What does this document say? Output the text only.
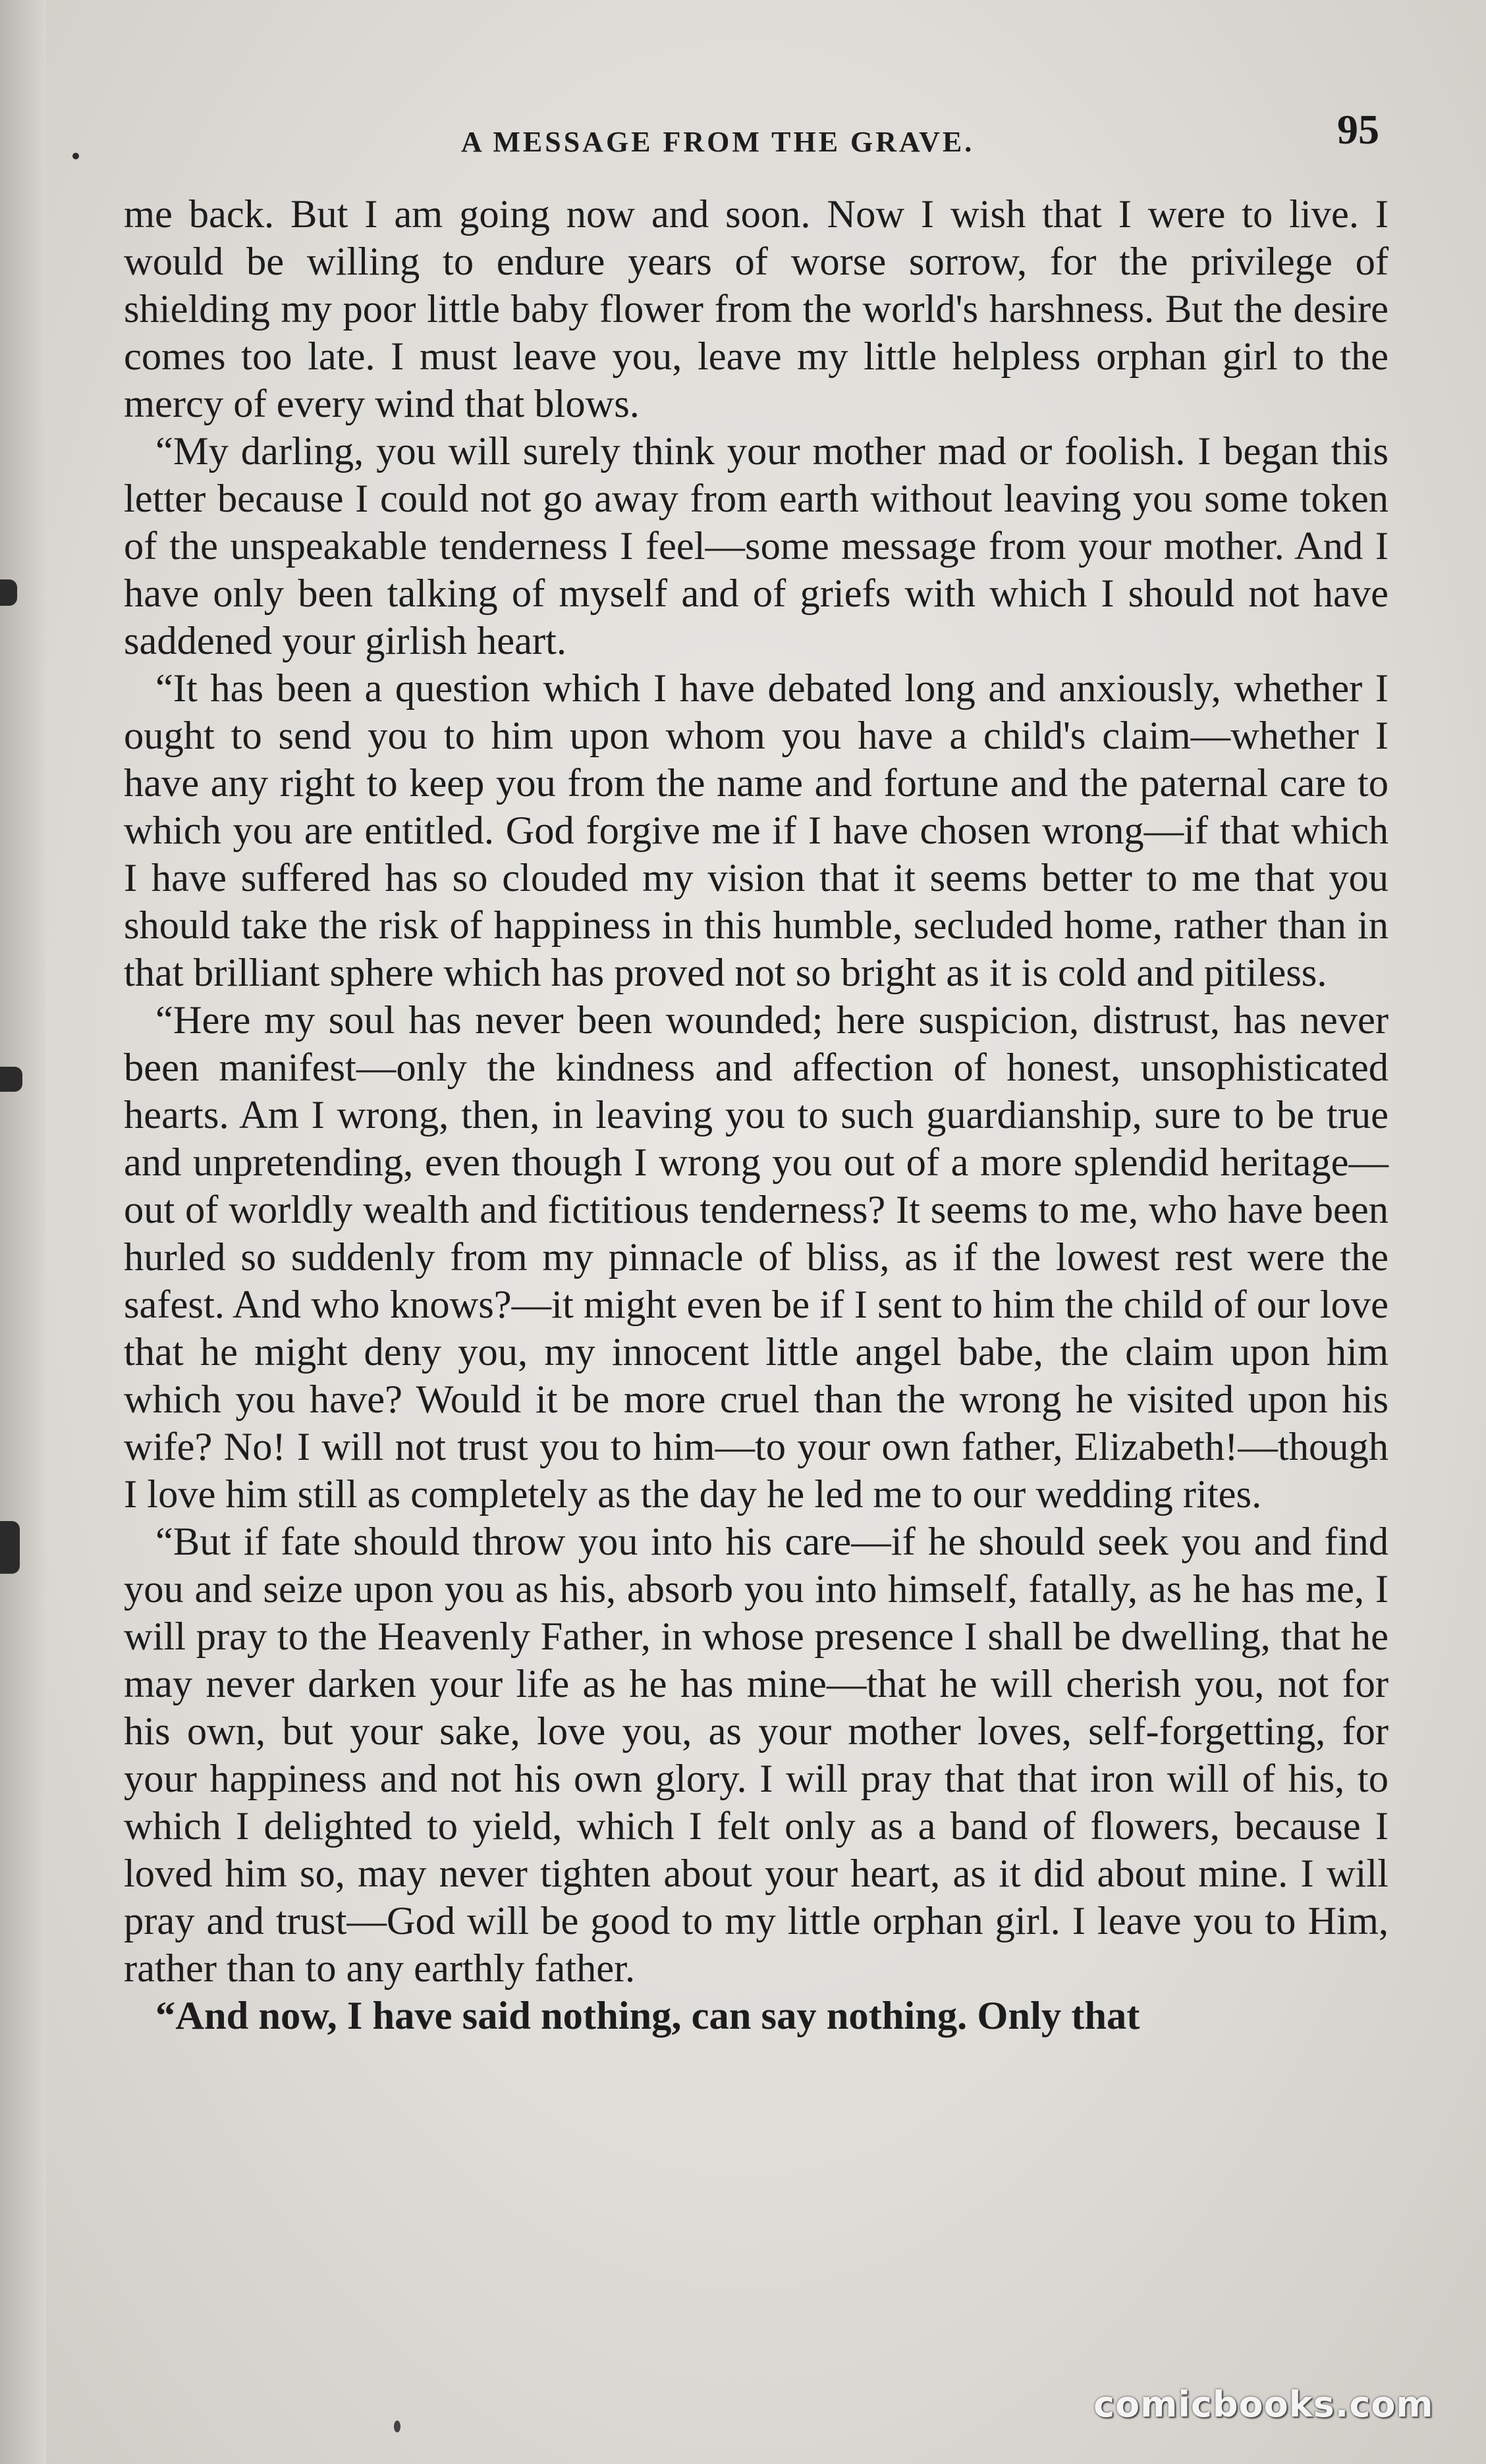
A MESSAGE FROM THE GRAVE.	95

me back. But I am going now and soon. Now I wish that I were to live. I would be willing to endure years of worse sorrow, for the privilege of shielding my poor little baby flower from the world's harshness. But the desire comes too late. I must leave you, leave my little helpless orphan girl to the mercy of every wind that blows.

“My darling, you will surely think your mother mad or foolish. I began this letter because I could not go away from earth without leaving you some token of the unspeakable tenderness I feel—some message from your mother. And I have only been talking of myself and of griefs with which I should not have saddened your girlish heart.

“It has been a question which I have debated long and anxiously, whether I ought to send you to him upon whom you have a child's claim—whether I have any right to keep you from the name and fortune and the paternal care to which you are entitled. God forgive me if I have chosen wrong—if that which I have suffered has so clouded my vision that it seems better to me that you should take the risk of happiness in this humble, secluded home, rather than in that brilliant sphere which has proved not so bright as it is cold and pitiless.

“Here my soul has never been wounded; here suspicion, distrust, has never been manifest—only the kindness and affection of honest, unsophisticated hearts. Am I wrong, then, in leaving you to such guardianship, sure to be true and unpretending, even though I wrong you out of a more splendid heritage—out of worldly wealth and fictitious tenderness? It seems to me, who have been hurled so suddenly from my pinnacle of bliss, as if the lowest rest were the safest. And who knows?—it might even be if I sent to him the child of our love that he might deny you, my innocent little angel babe, the claim upon him which you have? Would it be more cruel than the wrong he visited upon his wife? No! I will not trust you to him—to your own father, Elizabeth!—though I love him still as completely as the day he led me to our wedding rites.

“But if fate should throw you into his care—if he should seek you and find you and seize upon you as his, absorb you into himself, fatally, as he has me, I will pray to the Heavenly Father, in whose presence I shall be dwelling, that he may never darken your life as he has mine—that he will cherish you, not for his own, but your sake, love you, as your mother loves, self-forgetting, for your happiness and not his own glory. I will pray that that iron will of his, to which I delighted to yield, which I felt only as a band of flowers, because I loved him so, may never tighten about your heart, as it did about mine. I will pray and trust—God will be good to my little orphan girl. I leave you to Him, rather than to any earthly father.

“And now, I have said nothing, can say nothing. Only that

comicbooks.com
